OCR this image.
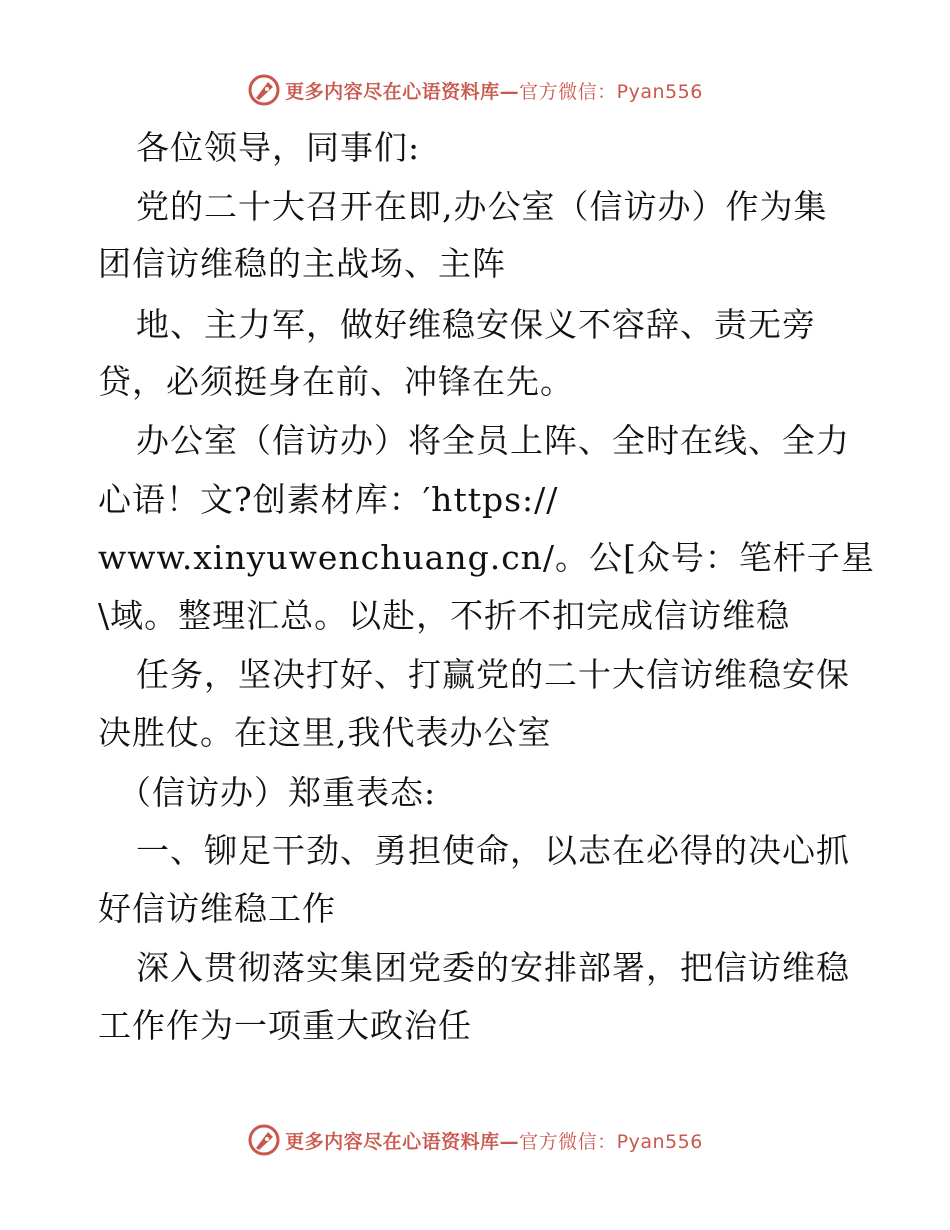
更多内容尽在心语资料库—官方微信：Pyan556
各位领导，同事们:
党的二十大召开在即,办公室（信访办）作为集
团信访维稳的主战场、主阵
地、主力军，做好维稳安保义不容辞、责无旁
贷，必须挺身在前、冲锋在先。
办公室（信访办）将全员上阵、全时在线、全力
心语！文?创素材库：′https://
www.xinyuwenchuang.cn/。公[众号：笔杆子星
\域。整理汇总。以赴，不折不扣完成信访维稳
任务，坚决打好、打赢党的二十大信访维稳安保
决胜仗。在这里,我代表办公室
（信访办）郑重表态:
一、铆足干劲、勇担使命，以志在必得的决心抓
好信访维稳工作
深入贯彻落实集团党委的安排部署，把信访维稳
工作作为一项重大政治任
更多内容尽在心语资料库—官方微信：Pyan556
